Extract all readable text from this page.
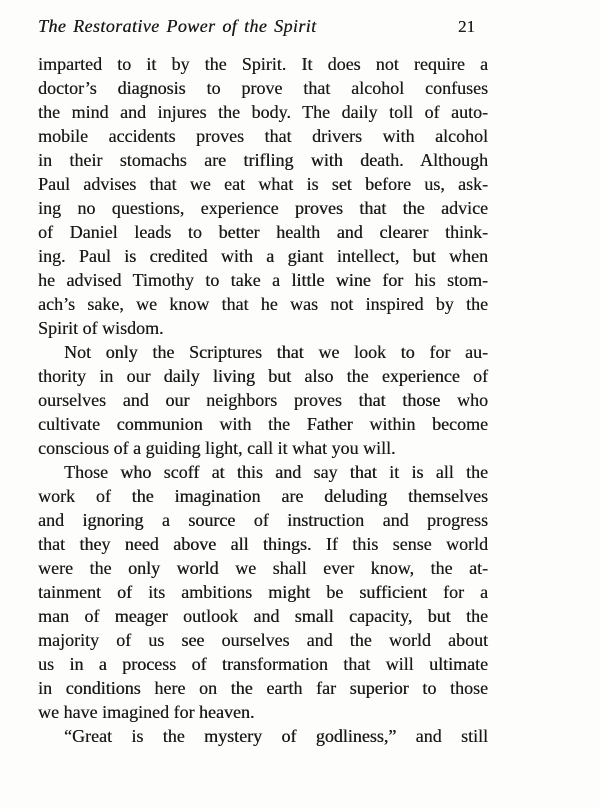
The Restorative Power of the Spirit	21
imparted to it by the Spirit. It does not require a
doctor’s diagnosis to prove that alcohol confuses
the mind and injures the body. The daily toll of auto-
mobile accidents proves that drivers with alcohol
in their stomachs are trifling with death. Although
Paul advises that we eat what is set before us, ask-
ing no questions, experience proves that the advice
of Daniel leads to better health and clearer think-
ing. Paul is credited with a giant intellect, but when
he advised Timothy to take a little wine for his stom-
ach’s sake, we know that he was not inspired by the
Spirit of wisdom.
Not only the Scriptures that we look to for au-
thority in our daily living but also the experience of
ourselves and our neighbors proves that those who
cultivate communion with the Father within become
conscious of a guiding light, call it what you will.
Those who scoff at this and say that it is all the
work of the imagination are deluding themselves
and ignoring a source of instruction and progress
that they need above all things. If this sense world
were the only world we shall ever know, the at-
tainment of its ambitions might be sufficient for a
man of meager outlook and small capacity, but the
majority of us see ourselves and the world about
us in a process of transformation that will ultimate
in conditions here on the earth far superior to those
we have imagined for heaven.
“Great is the mystery of godliness,” and still
